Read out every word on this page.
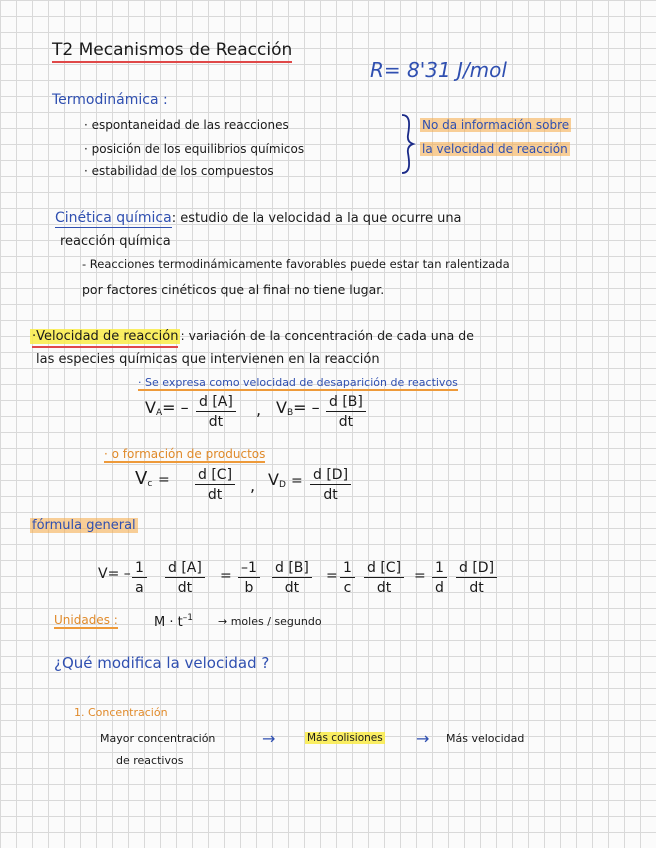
T2 Mecanismos de Reacción
R= 8'31 J/mol
Termodinámica :
· espontaneidad de las reacciones
· posición de los equilibrios químicos
· estabilidad de los compuestos
No da información sobre
la velocidad de reacción
Cinética química: estudio de la velocidad a la que ocurre una
reacción química
- Reacciones termodinámicamente favorables puede estar tan ralentizada
por factores cinéticos que al final no tiene lugar.
·Velocidad de reacción : variación de la concentración de cada una de
las especies químicas que intervienen en la reacción
· Se expresa como velocidad de desaparición de reactivos
$V_A= - \frac{d [A]}{dt}$ , $V_B= - \frac{d [B]}{dt}$
· o formación de productos
$V_c = \frac{d [C]}{dt}$ , $V_D = \frac{d [D]}{dt}$
fórmula general
$V= - \frac{1}{a} \frac{d [A]}{dt} = \frac{-1}{b} \frac{d [B]}{dt} = \frac{1}{c} \frac{d [C]}{dt} = \frac{1}{d} \frac{d [D]}{dt}$
Unidades :	$M \cdot t^{-1}$ → moles / segundo
¿Qué modifica la velocidad ?
1. Concentración
Mayor concentración
de reactivos
→	Más colisiones → Más velocidad
